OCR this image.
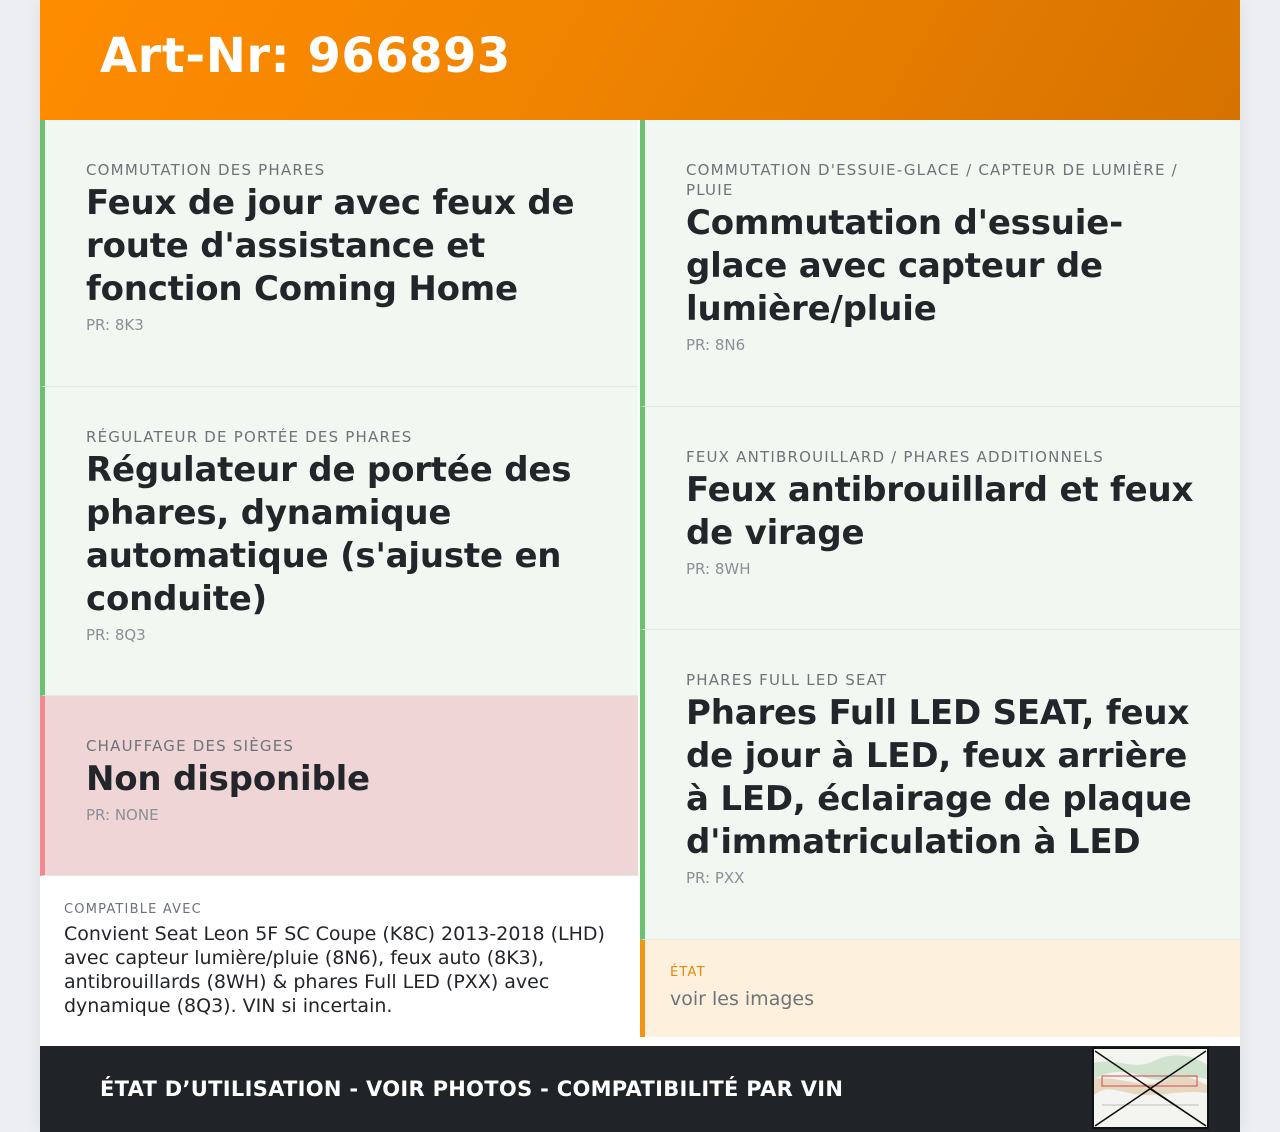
Art-Nr: 966893
COMMUTATION DES PHARES
Feux de jour avec feux de route d'assistance et fonction Coming Home
PR: 8K3
RÉGULATEUR DE PORTÉE DES PHARES
Régulateur de portée des phares, dynamique automatique (s'ajuste en conduite)
PR: 8Q3
CHAUFFAGE DES SIÈGES
Non disponible
PR: NONE
COMPATIBLE AVEC
Convient Seat Leon 5F SC Coupe (K8C) 2013-2018 (LHD) avec capteur lumière/pluie (8N6), feux auto (8K3), antibrouillards (8WH) & phares Full LED (PXX) avec dynamique (8Q3). VIN si incertain.
COMMUTATION D'ESSUIE-GLACE / CAPTEUR DE LUMIÈRE / PLUIE
Commutation d'essuie-glace avec capteur de lumière/pluie
PR: 8N6
FEUX ANTIBROUILLARD / PHARES ADDITIONNELS
Feux antibrouillard et feux de virage
PR: 8WH
PHARES FULL LED SEAT
Phares Full LED SEAT, feux de jour à LED, feux arrière à LED, éclairage de plaque d'immatriculation à LED
PR: PXX
ÉTAT
voir les images
ÉTAT D’UTILISATION - VOIR PHOTOS - COMPATIBILITÉ PAR VIN
